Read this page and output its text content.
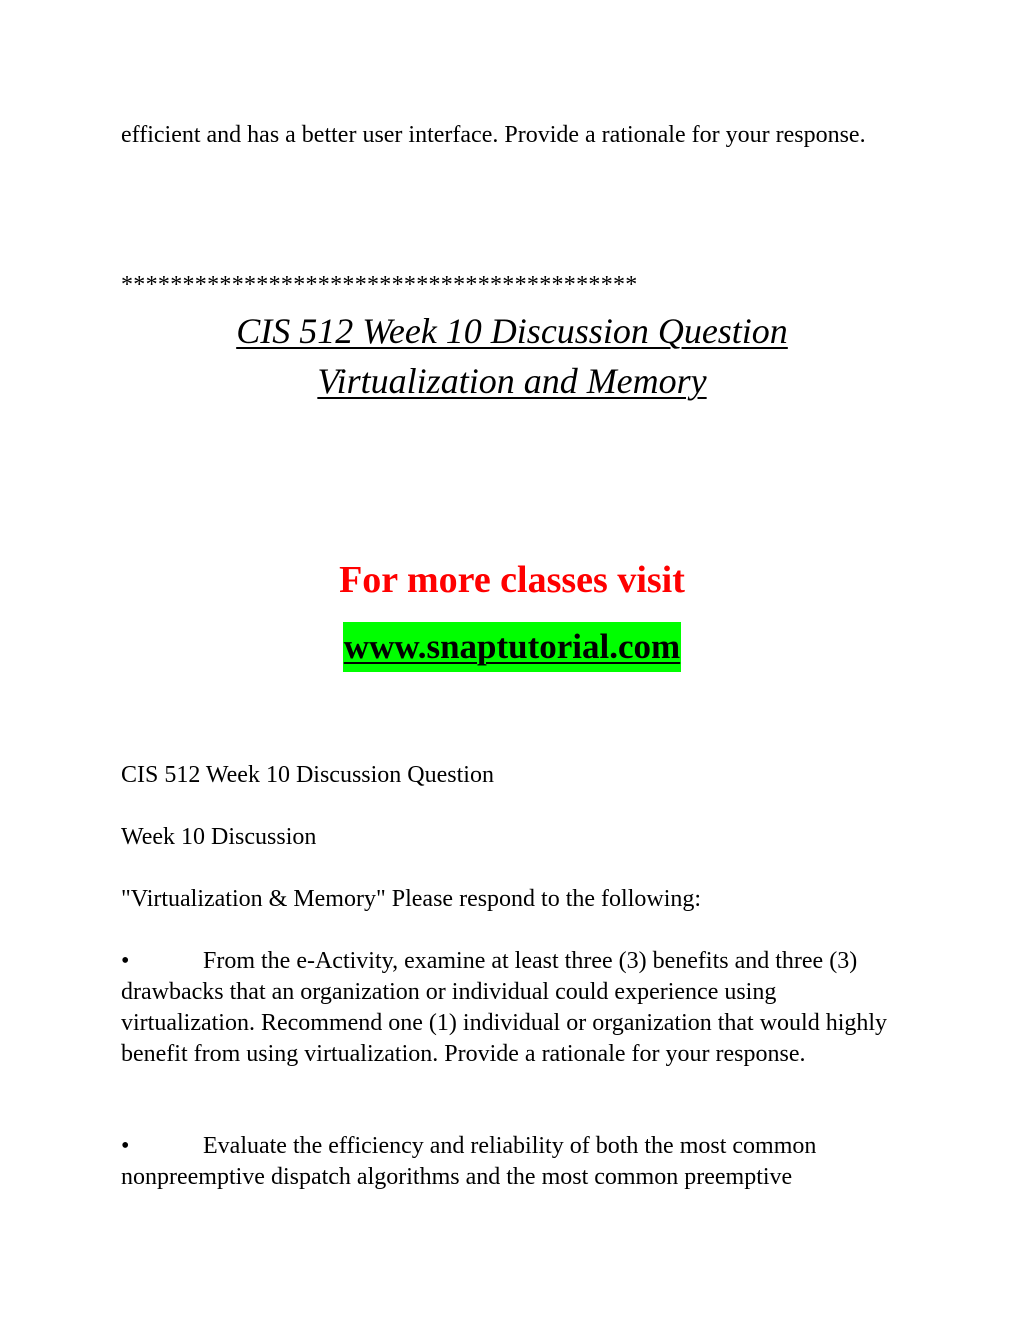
efficient and has a better user interface. Provide a rationale for your response.

******************************************

CIS 512 Week 10 Discussion Question
Virtualization and Memory

For more classes visit

www.snaptutorial.com

CIS 512 Week 10 Discussion Question

Week 10 Discussion

"Virtualization & Memory" Please respond to the following:

•	From the e-Activity, examine at least three (3) benefits and three (3) drawbacks that an organization or individual could experience using virtualization. Recommend one (1) individual or organization that would highly benefit from using virtualization. Provide a rationale for your response.

•	Evaluate the efficiency and reliability of both the most common nonpreemptive dispatch algorithms and the most common preemptive
